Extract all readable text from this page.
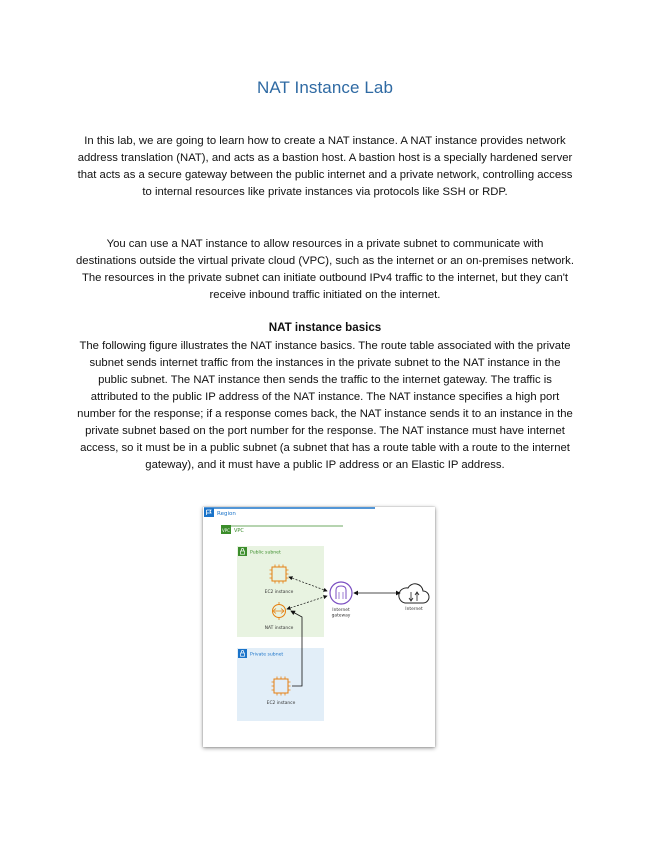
NAT Instance Lab
In this lab, we are going to learn how to create a NAT instance. A NAT instance provides network address translation (NAT), and acts as a bastion host. A bastion host is a specially hardened server that acts as a secure gateway between the public internet and a private network, controlling access to internal resources like private instances via protocols like SSH or RDP.
You can use a NAT instance to allow resources in a private subnet to communicate with destinations outside the virtual private cloud (VPC), such as the internet or an on-premises network. The resources in the private subnet can initiate outbound IPv4 traffic to the internet, but they can't receive inbound traffic initiated on the internet.
NAT instance basics
The following figure illustrates the NAT instance basics. The route table associated with the private subnet sends internet traffic from the instances in the private subnet to the NAT instance in the public subnet. The NAT instance then sends the traffic to the internet gateway. The traffic is attributed to the public IP address of the NAT instance. The NAT instance specifies a high port number for the response; if a response comes back, the NAT instance sends it to an instance in the private subnet based on the port number for the response. The NAT instance must have internet access, so it must be in a public subnet (a subnet that has a route table with a route to the internet gateway), and it must have a public IP address or an Elastic IP address.
Region
VPC VPC
Public subnet
EC2 instance
NAT instance
Private subnet
EC2 instance
Internet
gateway
Internet
